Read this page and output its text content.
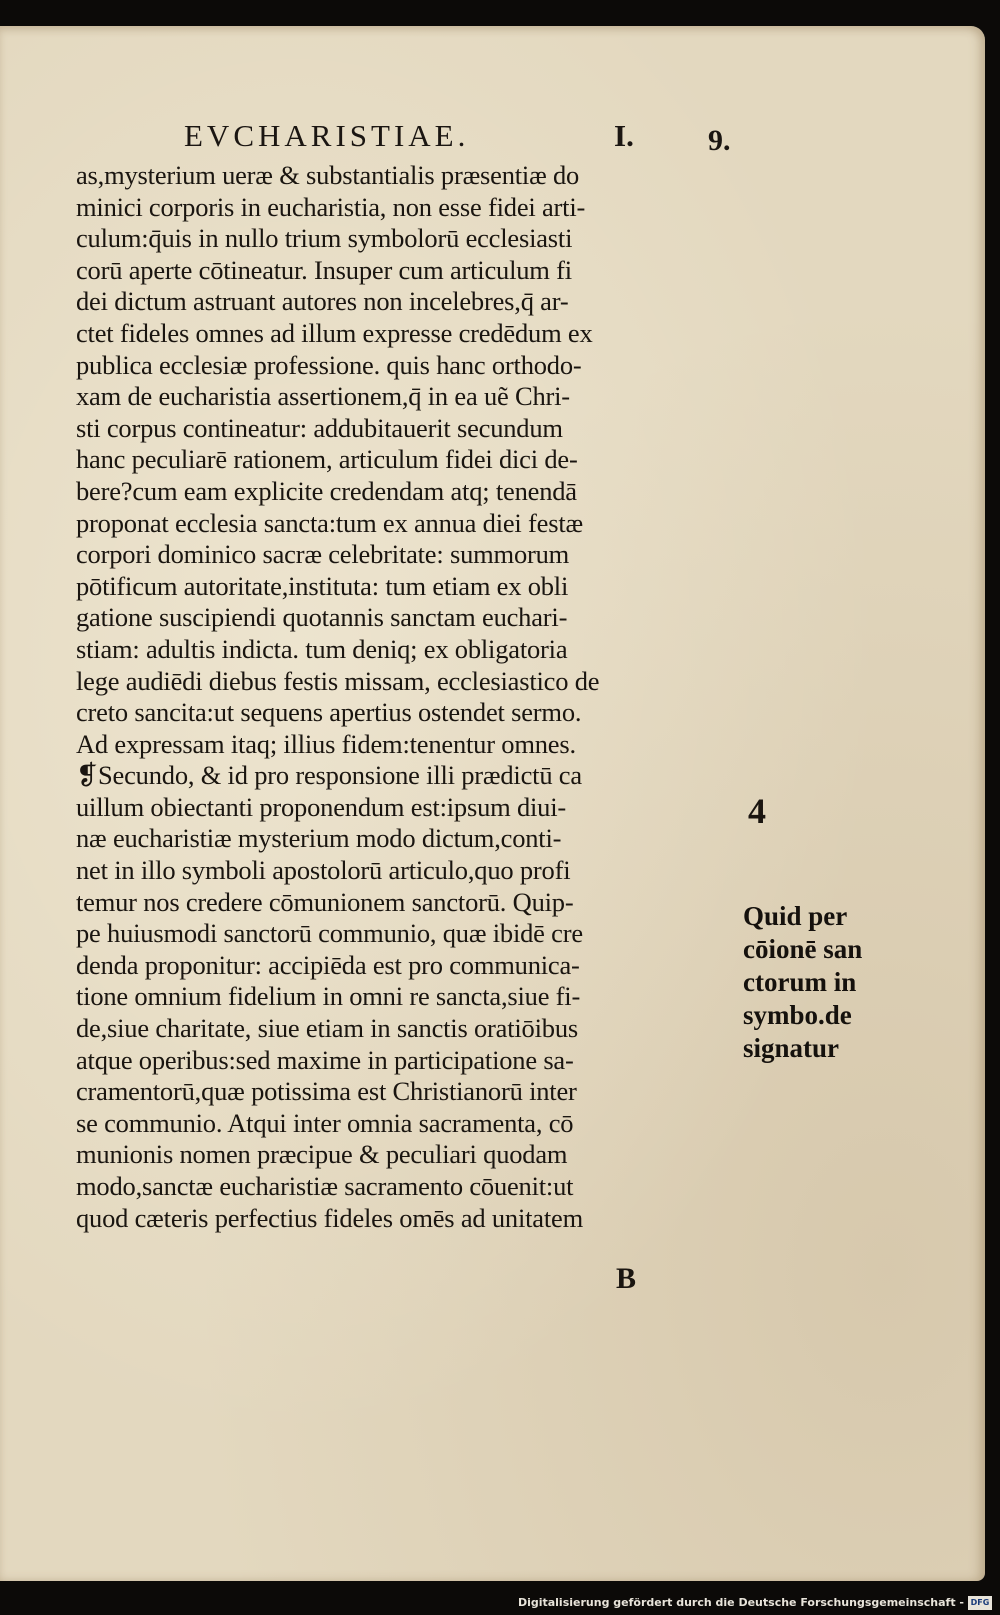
EVCHARISTIAE.	I. 9.
as,mysterium ueræ & substantialis præsentiæ do
minici corporis in eucharistia, non esse fidei arti-
culum:q̄uis in nullo trium symbolorū ecclesiasti
corū aperte cōtineatur. Insuper cum articulum fi
dei dictum astruant autores non incelebres,q̄ ar-
ctet fideles omnes ad illum expresse credēdum ex
publica ecclesiæ professione. quis hanc orthodo-
xam de eucharistia assertionem,q̄ in ea uẽ Chri-
sti corpus contineatur: addubitauerit secundum
hanc peculiarē rationem, articulum fidei dici de-
bere?cum eam explicite credendam atq; tenendā
proponat ecclesia sancta:tum ex annua diei festæ
corpori dominico sacræ celebritate: summorum
pōtificum autoritate,instituta: tum etiam ex obli
gatione suscipiendi quotannis sanctam euchari-
stiam: adultis indicta. tum deniq; ex obligatoria
lege audiēdi diebus festis missam, ecclesiastico de
creto sancita:ut sequens apertius ostendet sermo.
Ad expressam itaq; illius fidem:tenentur omnes.
❡Secundo, & id pro responsione illi prædictū ca
uillum obiectanti proponendum est:ipsum diui-
næ eucharistiæ mysterium modo dictum,conti-
net in illo symboli apostolorū articulo,quo profi
temur nos credere cōmunionem sanctorū. Quip-
pe huiusmodi sanctorū communio, quæ ibidē cre
denda proponitur: accipiēda est pro communica-
tione omnium fidelium in omni re sancta,siue fi-
de,siue charitate, siue etiam in sanctis oratiōibus
atque operibus:sed maxime in participatione sa-
cramentorū,quæ potissima est Christianorū inter
se communio. Atqui inter omnia sacramenta, cō
munionis nomen præcipue & peculiari quodam
modo,sanctæ eucharistiæ sacramento cōuenit:ut
quod cæteris perfectius fideles omēs ad unitatem
4
Quid per
cōionē san
ctorum in
symbo.de
signatur
B
Digitalisierung gefördert durch die Deutsche Forschungsgemeinschaft - DFG
